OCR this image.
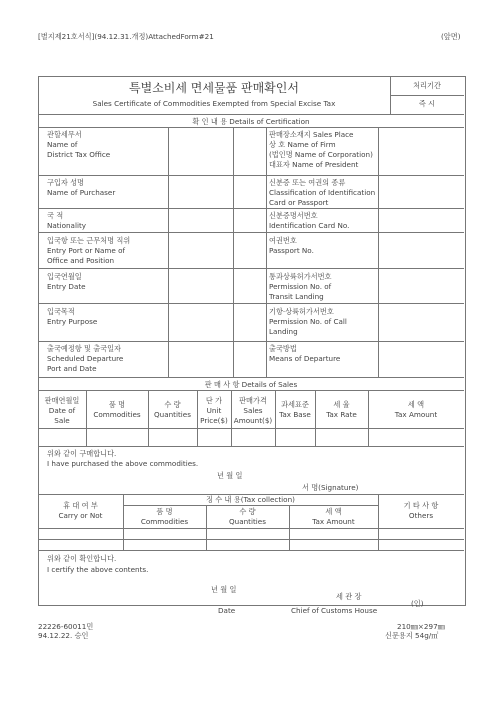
[별지제21호서식](94.12.31.개정)AttachedForm#21	(앞면)
특별소비세 면세물품 판매확인서
Sales Certificate of Commodities Exempted from Special Excise Tax
처리기간
즉 시
확 인 내 용 Details of Certification
관할세무서
Name of
District Tax Office
구입자 성명
Name of Purchaser
국 적
Nationality
입국항 또는 근무처명 직위
Entry Port or Name of
Office and Position
입국연월일
Entry Date
입국목적
Entry Purpose
출국예정항 및 출국일자
Scheduled Departure
Port and Date
판매장소재지 Sales Place
상 호 Name of Firm
(법인명 Name of Corporation)
대표자 Name of President
신분증 또는 여권의 종류
Classification of Identification
Card or Passport
신분증명서번호
Identification Card No.
여권번호
Passport No.
통과상륙허가서번호
Permission No. of
Transit Landing
기항·상륙허가서번호
Permission No. of Call
Landing
출국방법
Means of Departure
판 매 사 항 Details of Sales
판매연월일
Date of
Sale
품 명
Commodities
수 량
Quantities
단 가
Unit
Price($)
판매가격
Sales
Amount($)
과세표준
Tax Base
세 율
Tax Rate
세 액
Tax Amount
위와 같이 구매합니다.
I have purchased the above commodities.
년 월 일
서 명(Signature)
휴 대 여 부
Carry or Not
징 수 내 용(Tax collection)
품 명
Commodities
수 량
Quantities
세 액
Tax Amount
기 타 사 항
Others
위와 같이 확인합니다.
I certify the above contents.
년 월 일
세 관 장
(인)
Date	Chief of Customs House
22226-60011민
94.12.22. 승인
210㎜×297㎜
신문용지 54g/㎡
